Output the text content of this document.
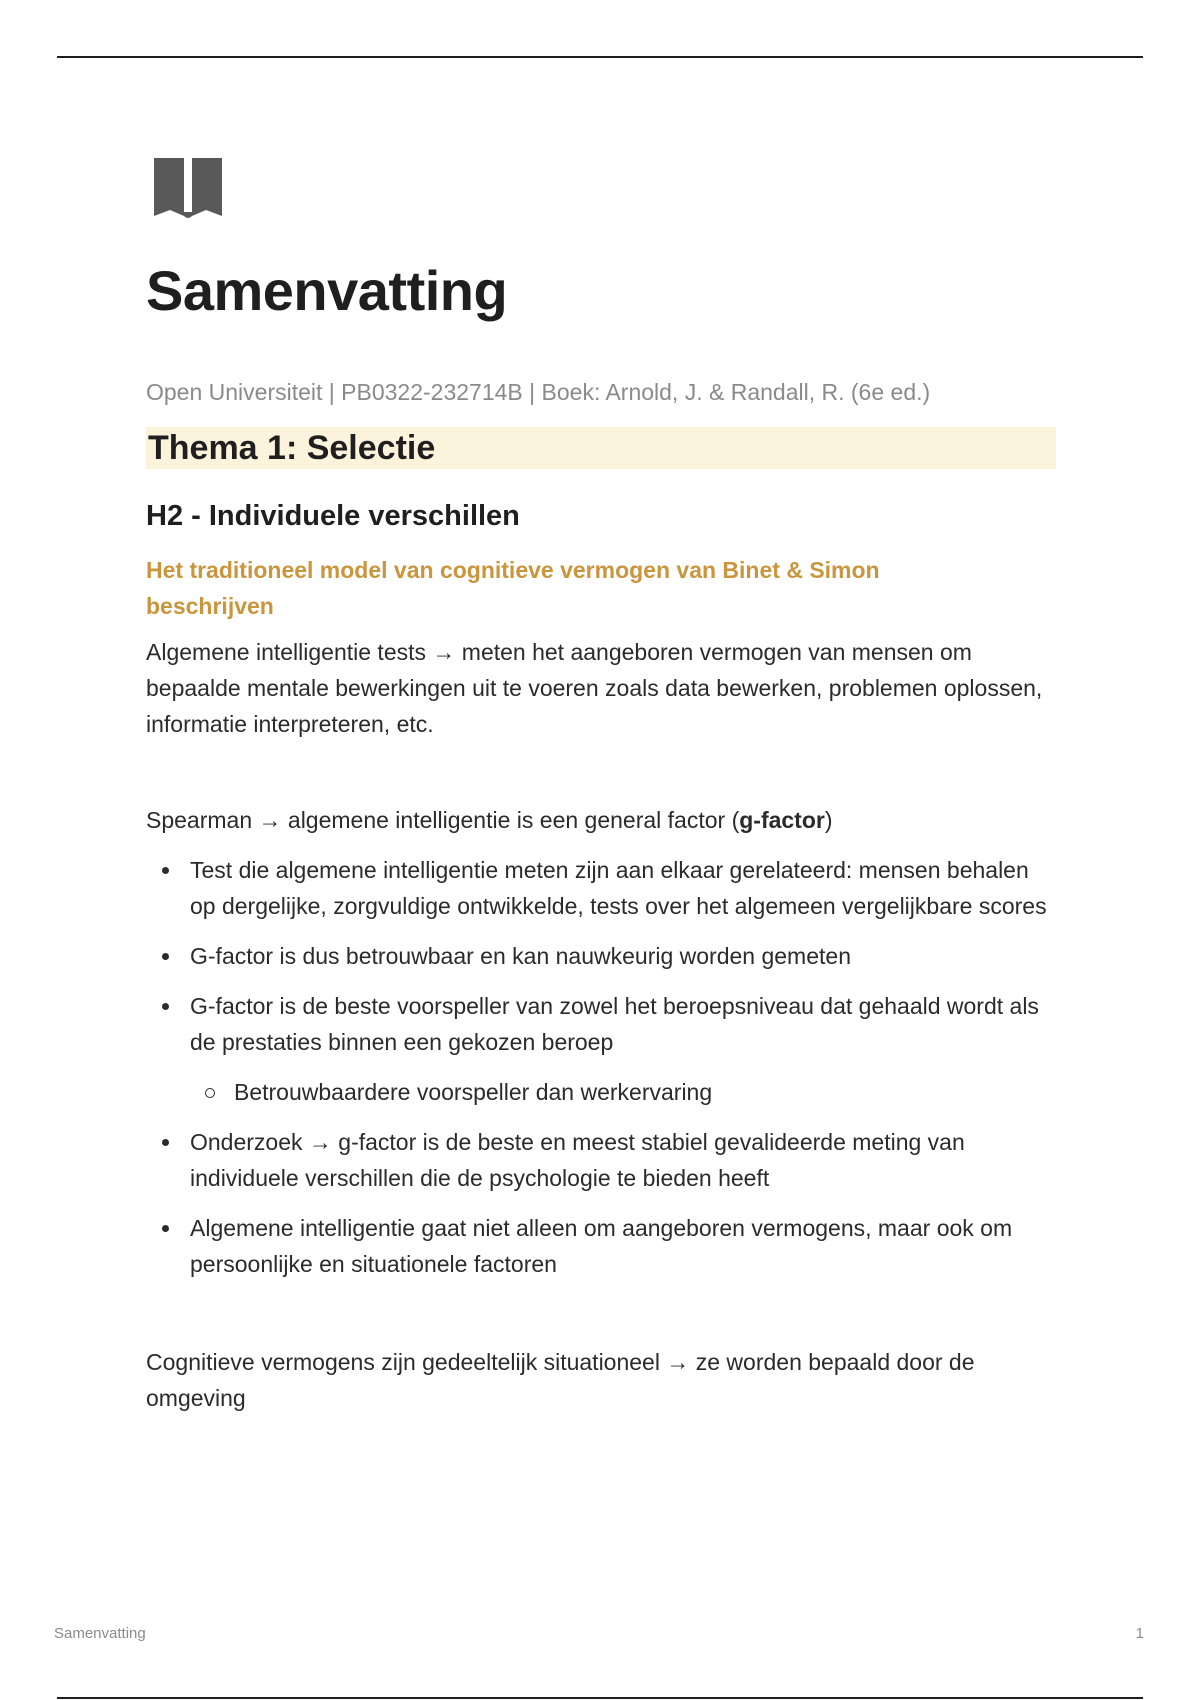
Samenvatting
Open Universiteit | PB0322-232714B | Boek: Arnold, J. & Randall, R. (6e ed.)
Thema 1: Selectie
H2 - Individuele verschillen
Het traditioneel model van cognitieve vermogen van Binet & Simon beschrijven

Algemene intelligentie tests → meten het aangeboren vermogen van mensen om bepaalde mentale bewerkingen uit te voeren zoals data bewerken, problemen oplossen, informatie interpreteren, etc.

Spearman → algemene intelligentie is een general factor (g-factor)

Test die algemene intelligentie meten zijn aan elkaar gerelateerd: mensen behalen op dergelijke, zorgvuldige ontwikkelde, tests over het algemeen vergelijkbare scores
G-factor is dus betrouwbaar en kan nauwkeurig worden gemeten
G-factor is de beste voorspeller van zowel het beroepsniveau dat gehaald wordt als de prestaties binnen een gekozen beroep
Betrouwbaardere voorspeller dan werkervaring
Onderzoek → g-factor is de beste en meest stabiel gevalideerde meting van individuele verschillen die de psychologie te bieden heeft
Algemene intelligentie gaat niet alleen om aangeboren vermogens, maar ook om persoonlijke en situationele factoren

Cognitieve vermogens zijn gedeeltelijk situationeel → ze worden bepaald door de omgeving

Samenvatting	1
